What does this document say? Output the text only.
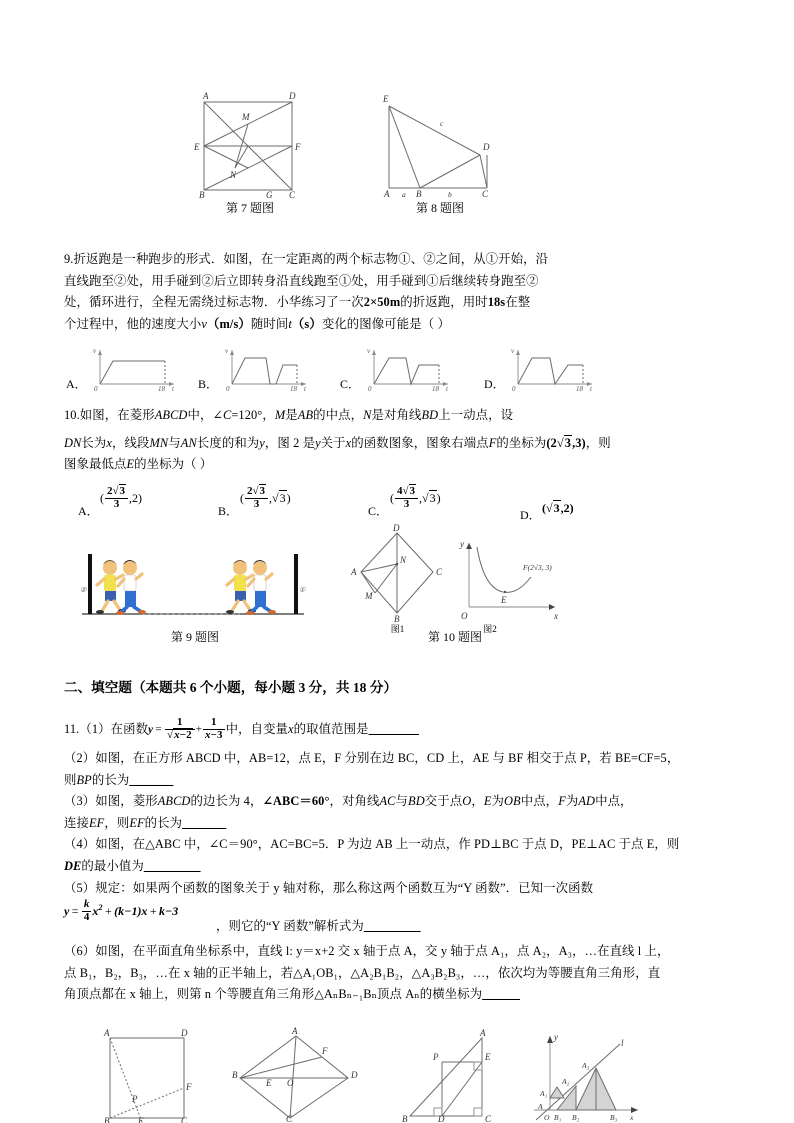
A	D
M
E	F
N
B	G C
第 7 题图
E
c
D
A a B	b	C
第 8 题图
9.折返跑是一种跑步的形式．如图，在一定距离的两个标志物①、②之间，从①开始，沿
直线跑至②处，用手碰到②后立即转身沿直线跑至①处，用手碰到①后继续转身跑至②
处，循环进行，全程无需绕过标志物．小华练习了一次2×50m的折返跑，用时18s在整
个过程中，他的速度大小v（m/s）随时间t（s）变化的图像可能是（ ）
A．
v
0	18 t B．
v
0	18 t	C．
v
0	18 t	D．
v
0	18 t
10.如图，在菱形ABCD中，∠C=120°，M是AB的中点，N是对角线BD上一动点，设
DN长为x，线段MN与AN长度的和为y，图 2 是y关于x的函数图象，图象右端点F的坐标为(2√3,3)，则
图象最低点E的坐标为（ ）
A．
( $\frac{2√3}{3} ,2$)
B．
( $\frac{2√3}{3} ,√3$)
C．
( $\frac{4√3}{3} ,√3$)
D． (√3,2)
②	①
第 9 题图
D
N
A	C
M
B
图1
y
O	x
E
F(2√3, 3)
图2
第 10 题图
二、填空题（本题共 6 个小题，每小题 3 分，共 18 分）
11.（1）在函数$y = \frac{1}{√x-2} + \frac{1}{x-3}$ 中，自变量x的取值范围是________
（2）如图，在正方形 ABCD 中，AB=12，点 E，F 分别在边 BC，CD 上，AE 与 BF 相交于点 P，若 BE=CF=5，
则BP的长为_______
（3）如图，菱形ABCD的边长为 4，∠ABC＝60°，对角线AC与BD交于点O，E为OB中点，F为AD中点，
连接EF，则EF的长为_______
（4）如图，在△ABC 中，∠C＝90°，AC=BC=5．P 为边 AB 上一动点，作 PD⊥BC 于点 D，PE⊥AC 于点 E，则
DE的最小值为_________
（5）规定：如果两个函数的图象关于 y 轴对称，那么称这两个函数互为“Y 函数”．已知一次函数
$y = \frac{k}{4} x^2 + (k-1)x + k-3$
，则它的“Y 函数”解析式为_________
（6）如图，在平面直角坐标系中，直线 l: y＝x+2 交 x 轴于点 A，交 y 轴于点 A₁，点 A₂，A₃，…在直线 l 上，
点 B₁，B₂，B₃，…在 x 轴的正半轴上，若△A₁OB₁，△A₂B₁B₂，△A₃B₂B₃，…，依次均为等腰直角三角形，直
角顶点都在 x 轴上，则第 n 个等腰直角三角形△AₙBₙ₋₁Bₙ顶点 Aₙ的横坐标为______
A	D
P
B	E	C
F
A
F
B
E O
D
C
A
P	E
B	D	C
y
l
A₃
A₂
A₁
A
O B₁ B₂	B₃ x
